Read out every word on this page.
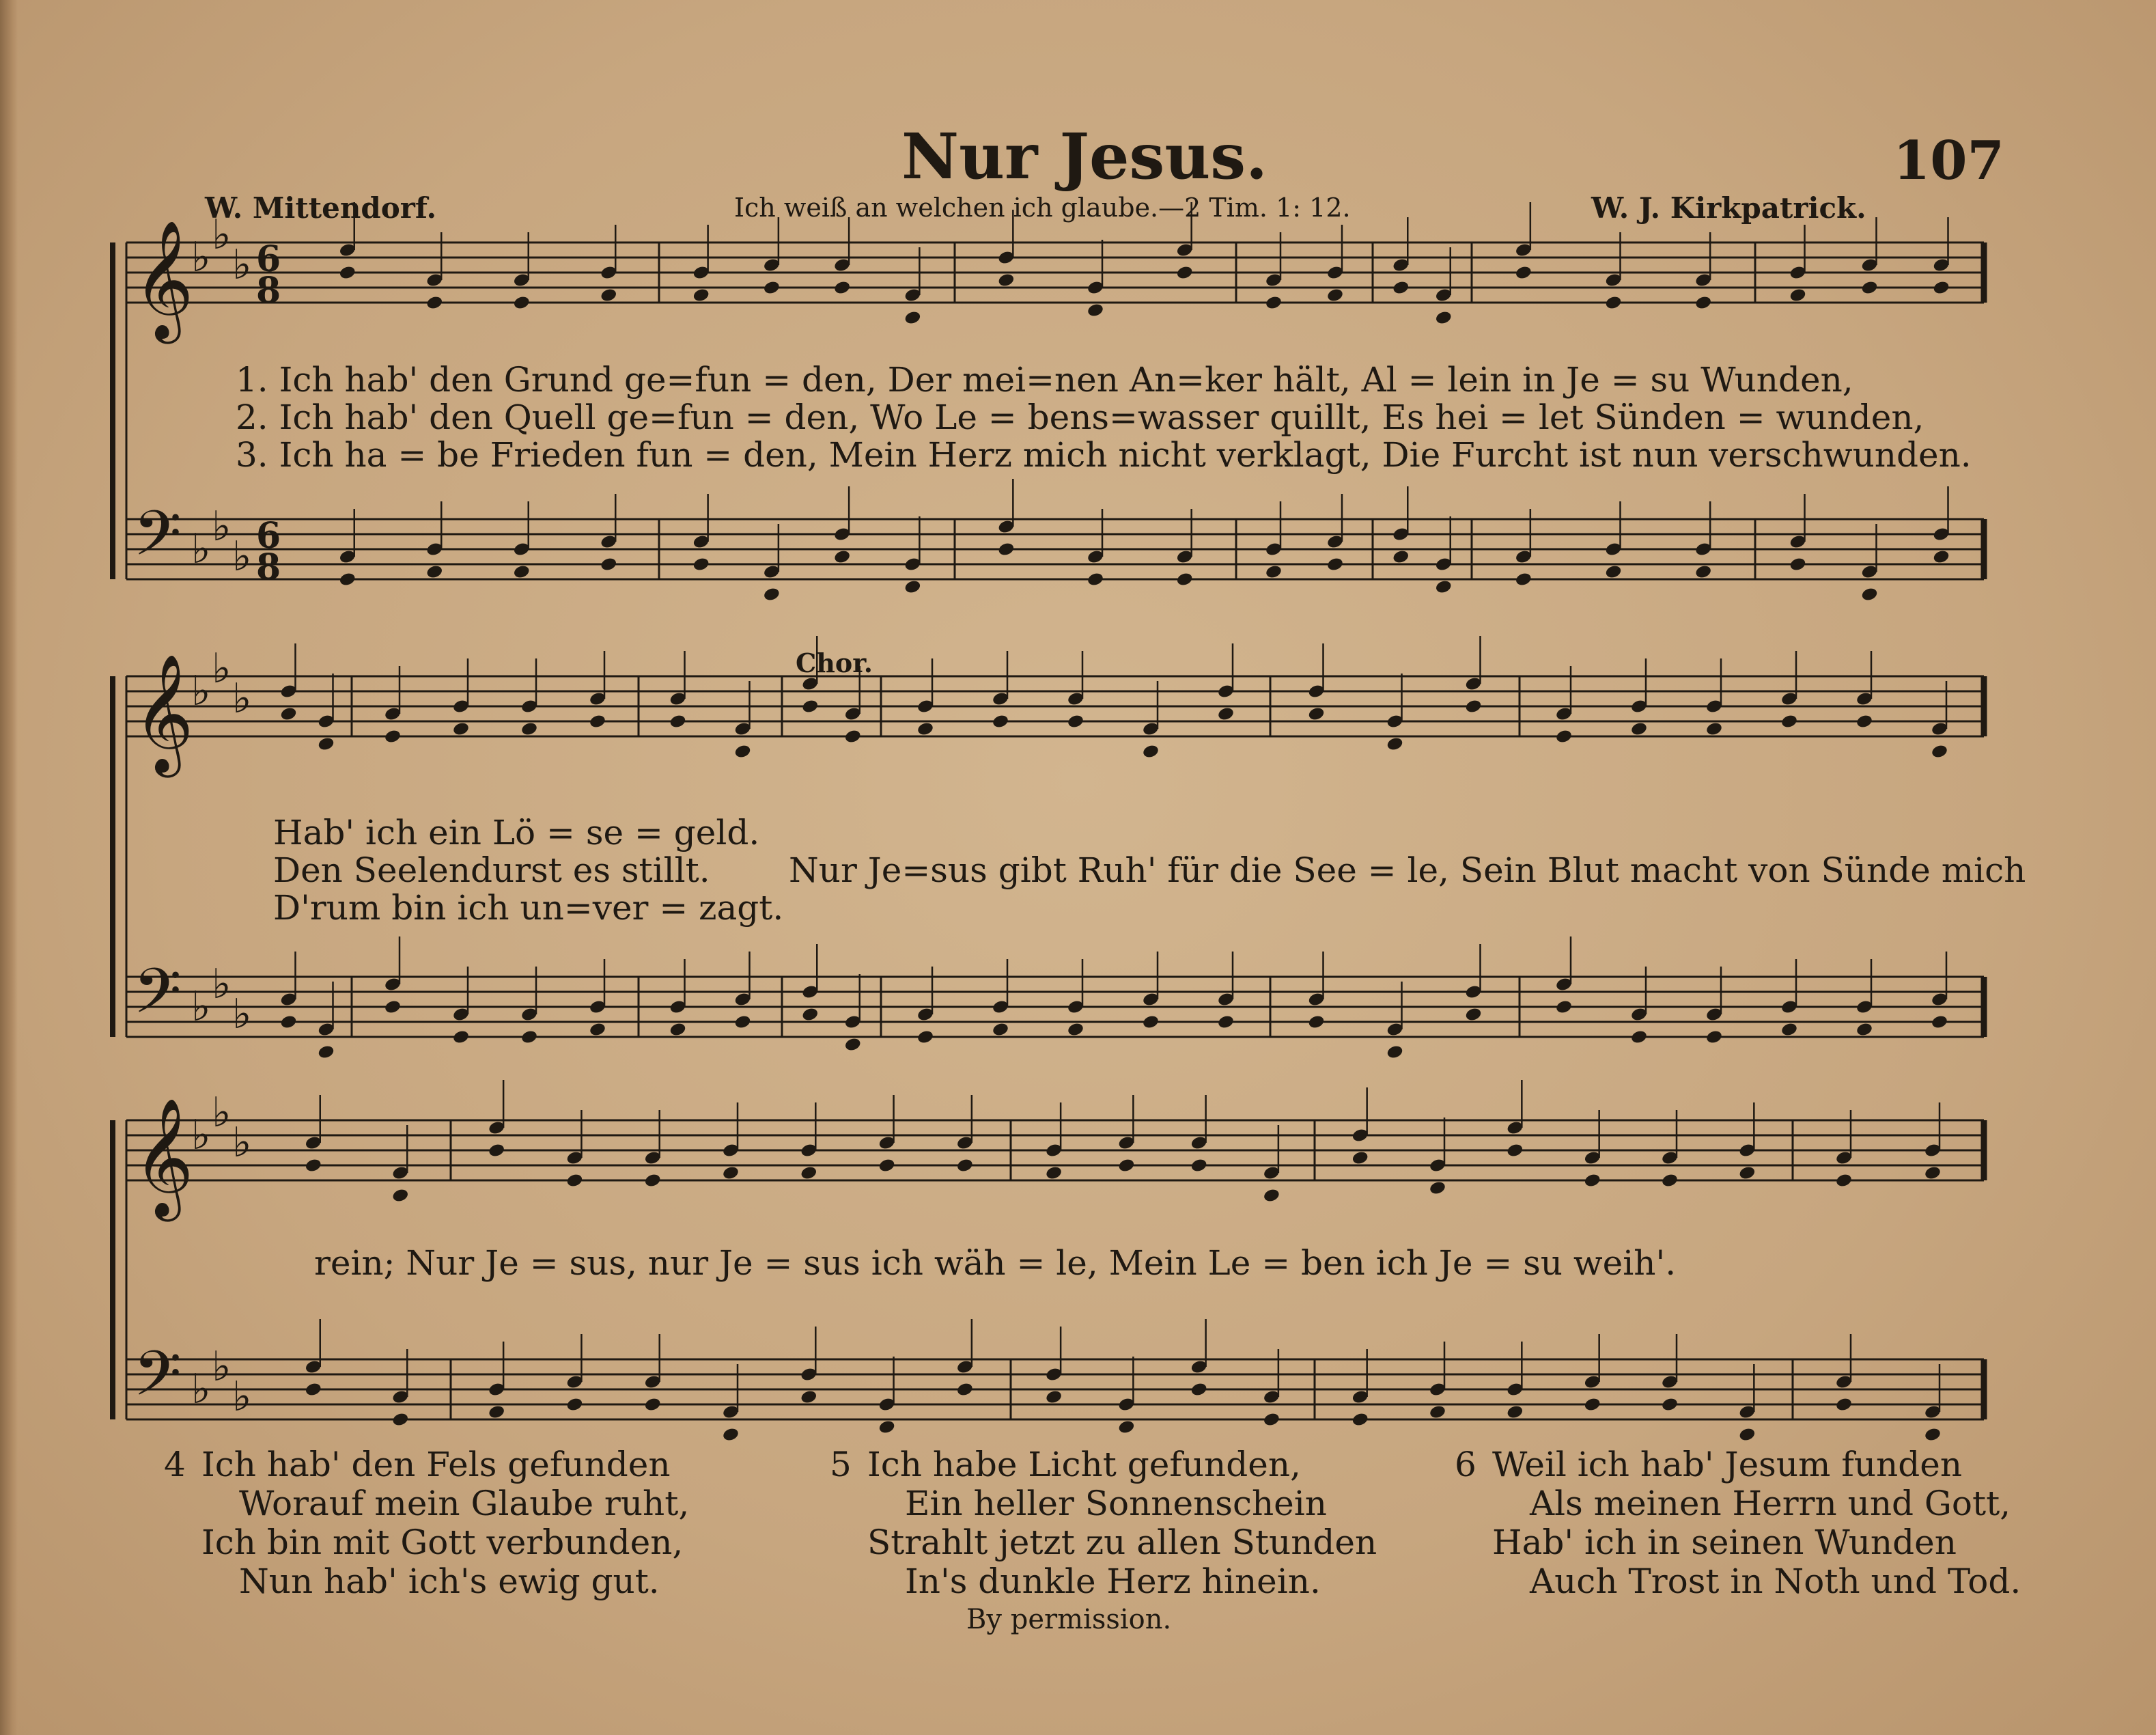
Nur Jesus.	107
W. Mittendorf.	Ich weiß an welchen ich glaube.—2 Tim. 1: 12.	W. J. Kirkpatrick.
𝄞
𝄢
♭ ♭
♭
♭ ♭
♭
6
8
6
8
𝄞
𝄢
♭ ♭
♭
♭ ♭
♭
𝄞
𝄢
♭ ♭
♭
♭ ♭
♭
1. Ich hab' den Grund ge=fun = den, Der mei=nen An=ker hält, Al = lein in Je = su Wunden,
2. Ich hab' den Quell ge=fun = den, Wo Le = bens=wasser quillt, Es hei = let Sünden = wunden,
3. Ich ha = be Frieden fun = den, Mein Herz mich nicht verklagt, Die Furcht ist nun verschwunden.
Chor.
Hab' ich ein Lö = se = geld.
Den Seelendurst es stillt.
D'rum bin ich un=ver = zagt.
Nur Je=sus gibt Ruh' für die See = le, Sein Blut macht von Sünde mich
rein; Nur Je = sus, nur Je = sus ich wäh = le, Mein Le = ben ich Je = su weih'.
4 Ich hab' den Fels gefunden
Worauf mein Glaube ruht,
Ich bin mit Gott verbunden,
Nun hab' ich's ewig gut.
5 Ich habe Licht gefunden,
Ein heller Sonnenschein
Strahlt jetzt zu allen Stunden
In's dunkle Herz hinein.
6 Weil ich hab' Jesum funden
Als meinen Herrn und Gott,
Hab' ich in seinen Wunden
Auch Trost in Noth und Tod.
By permission.
